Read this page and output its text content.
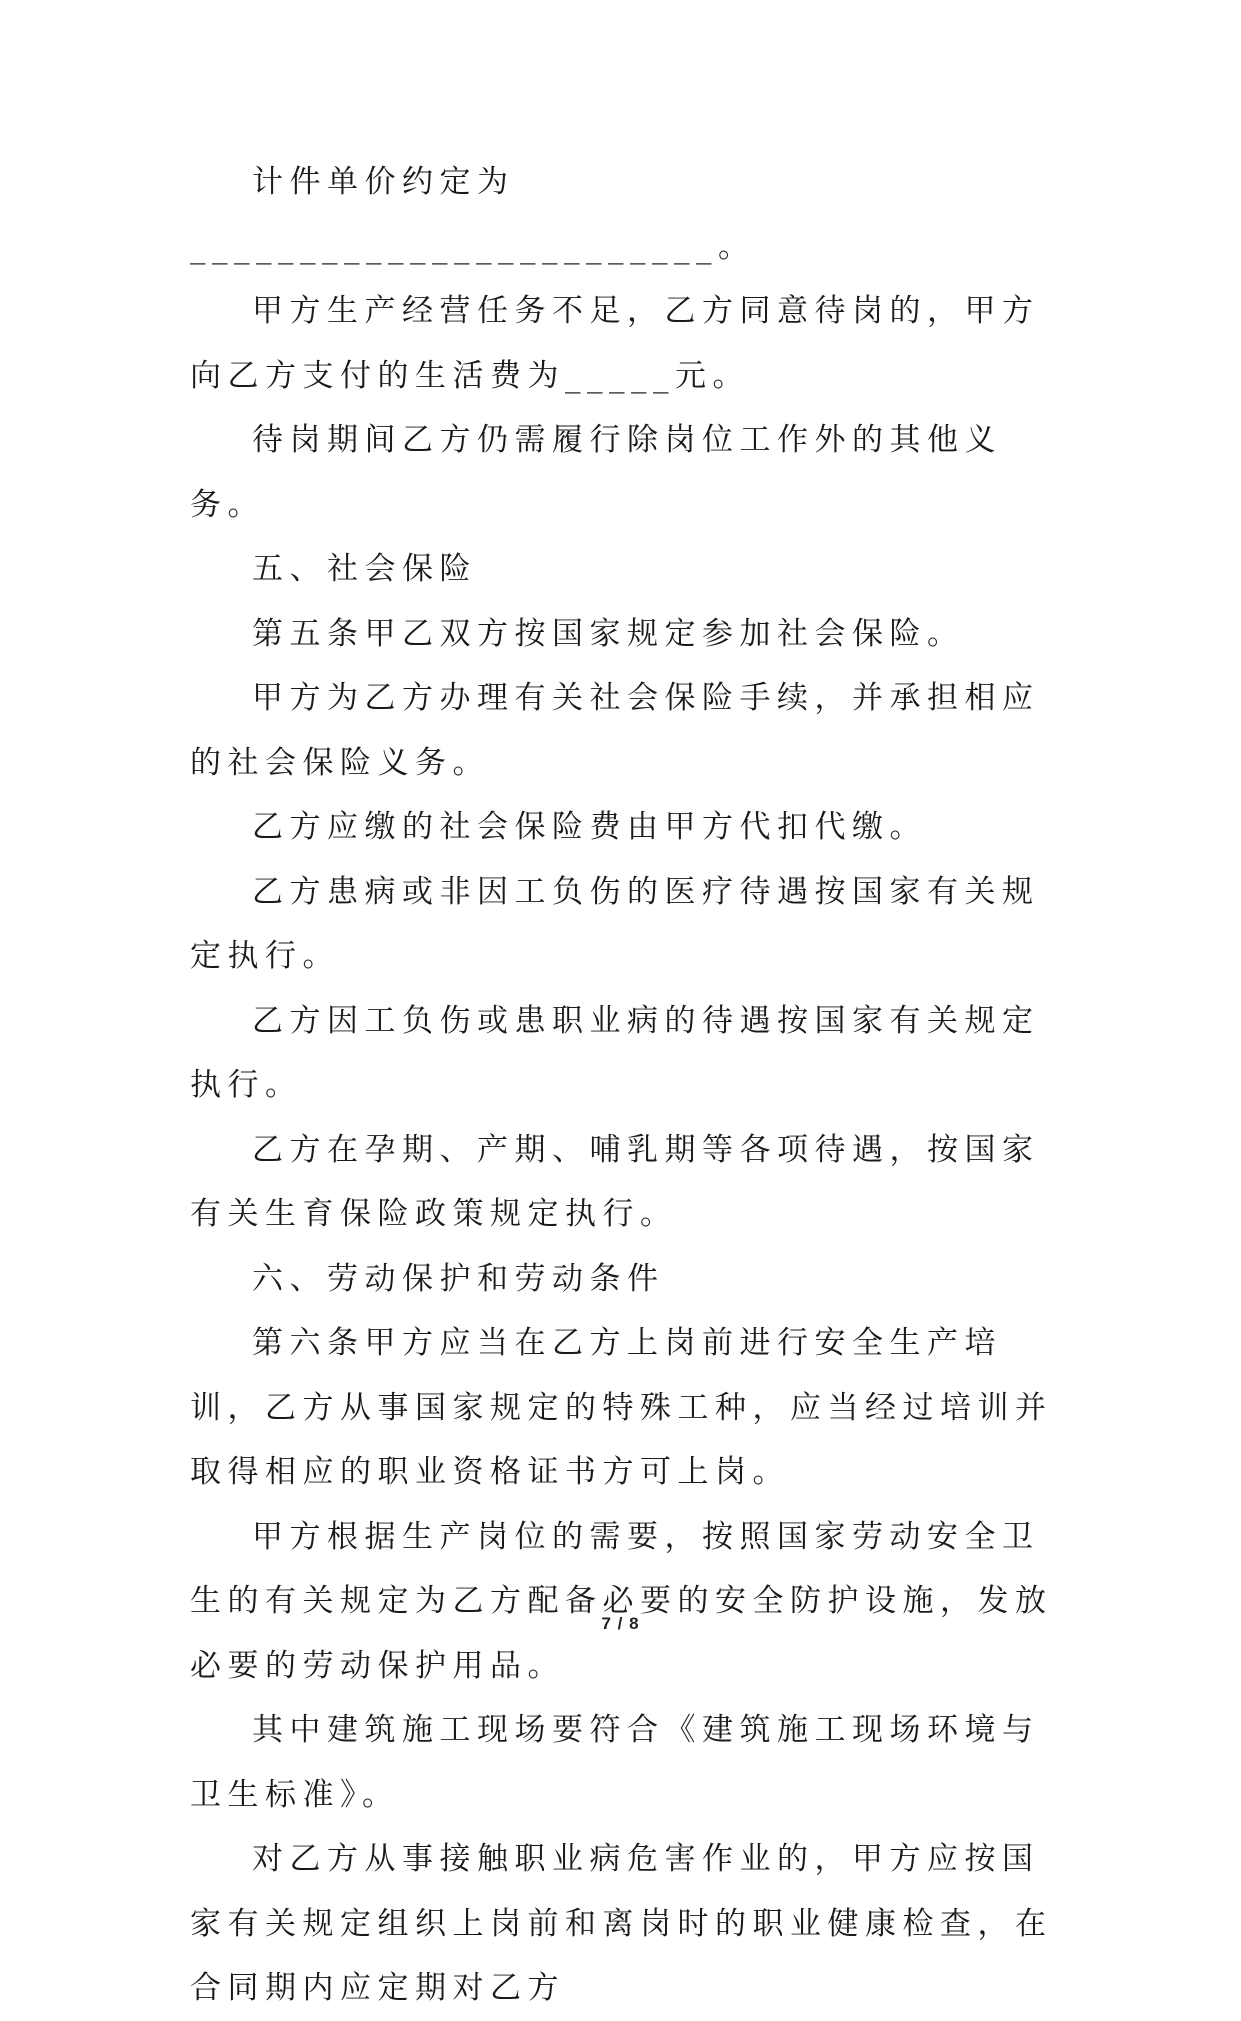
计件单价约定为________________________。

甲方生产经营任务不足，乙方同意待岗的，甲方向乙方支付的生活费为_____元。

待岗期间乙方仍需履行除岗位工作外的其他义务。

五、社会保险

第五条甲乙双方按国家规定参加社会保险。

甲方为乙方办理有关社会保险手续，并承担相应的社会保险义务。

乙方应缴的社会保险费由甲方代扣代缴。

乙方患病或非因工负伤的医疗待遇按国家有关规定执行。

乙方因工负伤或患职业病的待遇按国家有关规定执行。

乙方在孕期、产期、哺乳期等各项待遇，按国家有关生育保险政策规定执行。

六、劳动保护和劳动条件

第六条甲方应当在乙方上岗前进行安全生产培训，乙方从事国家规定的特殊工种，应当经过培训并取得相应的职业资格证书方可上岗。

甲方根据生产岗位的需要，按照国家劳动安全卫生的有关规定为乙方配备必要的安全防护设施，发放必要的劳动保护用品。

其中建筑施工现场要符合《建筑施工现场环境与卫生标准》。

对乙方从事接触职业病危害作业的，甲方应按国家有关规定组织上岗前和离岗时的职业健康检查，在合同期内应定期对乙方

7 / 8
